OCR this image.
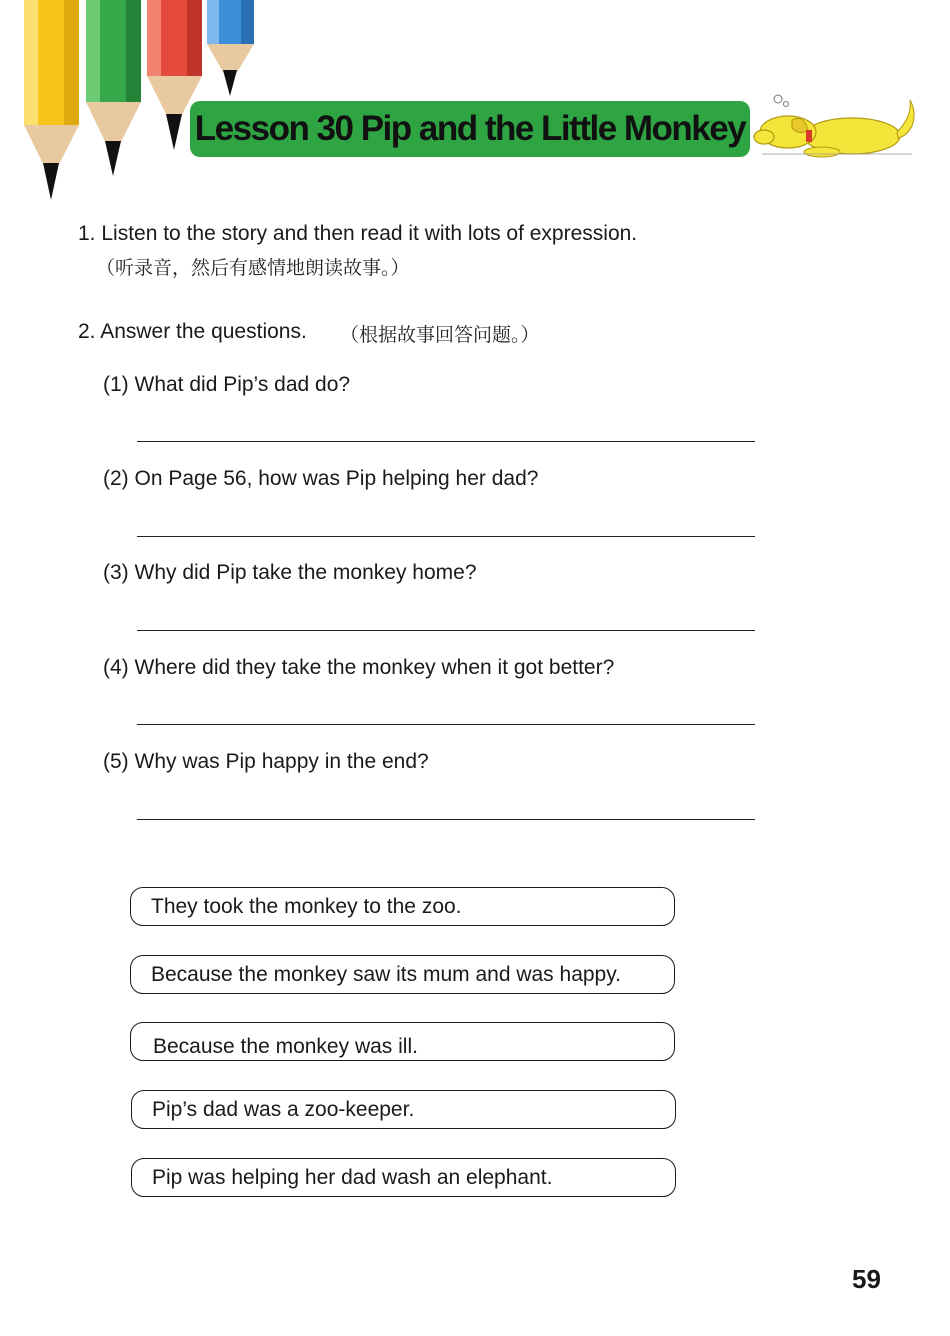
Lesson 30 Pip and the Little Monkey
1. Listen to the story and then read it with lots of expression.
（听录音，然后有感情地朗读故事。）
2. Answer the questions. （根据故事回答问题。）
(1) What did Pip’s dad do?
(2) On Page 56, how was Pip helping her dad?
(3) Why did Pip take the monkey home?
(4) Where did they take the monkey when it got better?
(5) Why was Pip happy in the end?
They took the monkey to the zoo.
Because the monkey saw its mum and was happy.
Because the monkey was ill.
Pip’s dad was a zoo-keeper.
Pip was helping her dad wash an elephant.
59
